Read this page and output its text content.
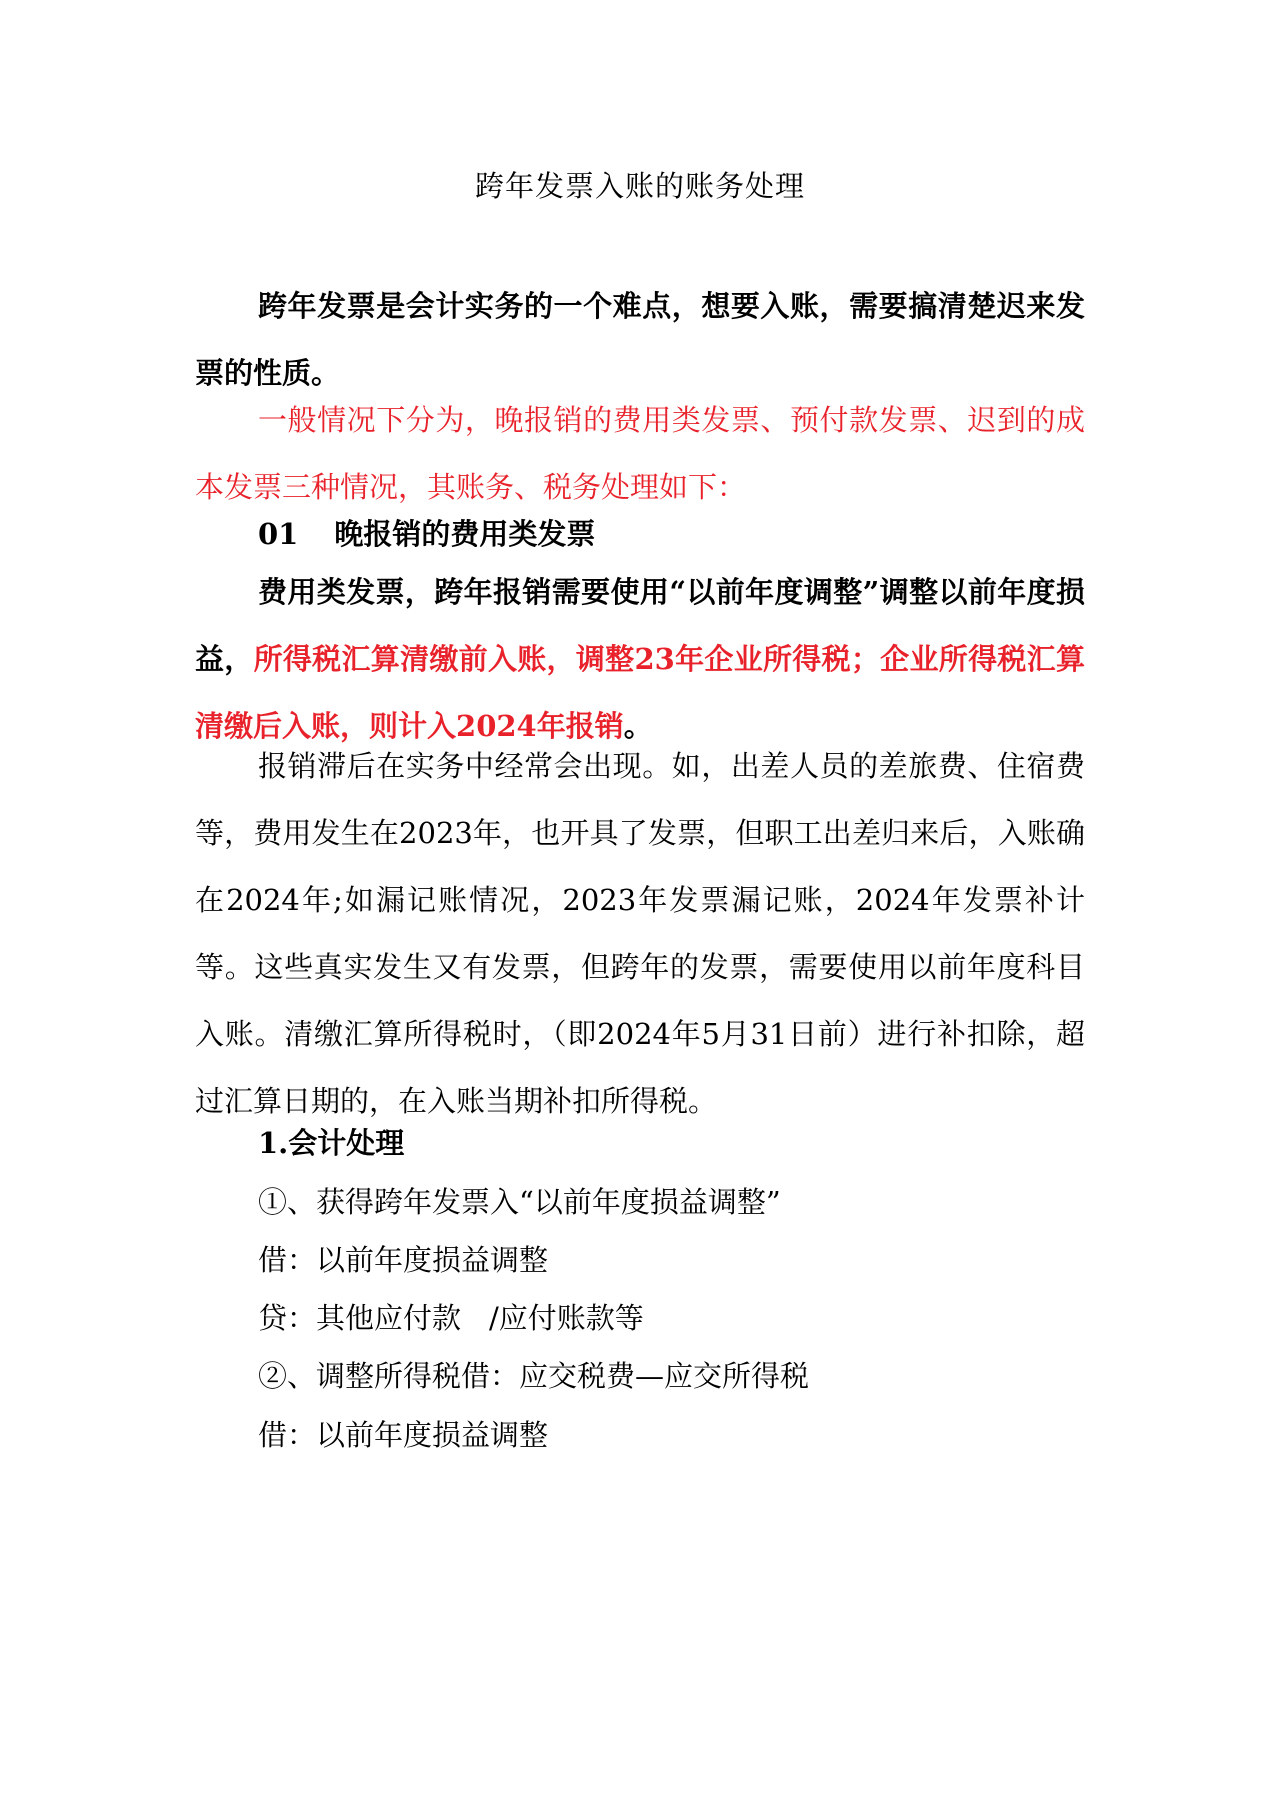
跨年发票入账的账务处理
跨年发票是会计实务的一个难点，想要入账，需要搞清楚迟来发票的性质。
一般情况下分为，晚报销的费用类发票、预付款发票、迟到的成本发票三种情况，其账务、税务处理如下：
01 晚报销的费用类发票
费用类发票，跨年报销需要使用“以前年度调整”调整以前年度损益，所得税汇算清缴前入账，调整23年企业所得税；企业所得税汇算清缴后入账，则计入2024年报销。
报销滞后在实务中经常会出现。如，出差人员的差旅费、住宿费等，费用发生在2023年，也开具了发票，但职工出差归来后，入账确在2024年;如漏记账情况，2023年发票漏记账，2024年发票补计等。这些真实发生又有发票，但跨年的发票，需要使用以前年度科目入账。清缴汇算所得税时，（即2024年5月31日前）进行补扣除，超过汇算日期的，在入账当期补扣所得税。
1.会计处理
①、获得跨年发票入“以前年度损益调整”
借：以前年度损益调整
贷：其他应付款 /应付账款等
②、调整所得税借：应交税费—应交所得税
借：以前年度损益调整
